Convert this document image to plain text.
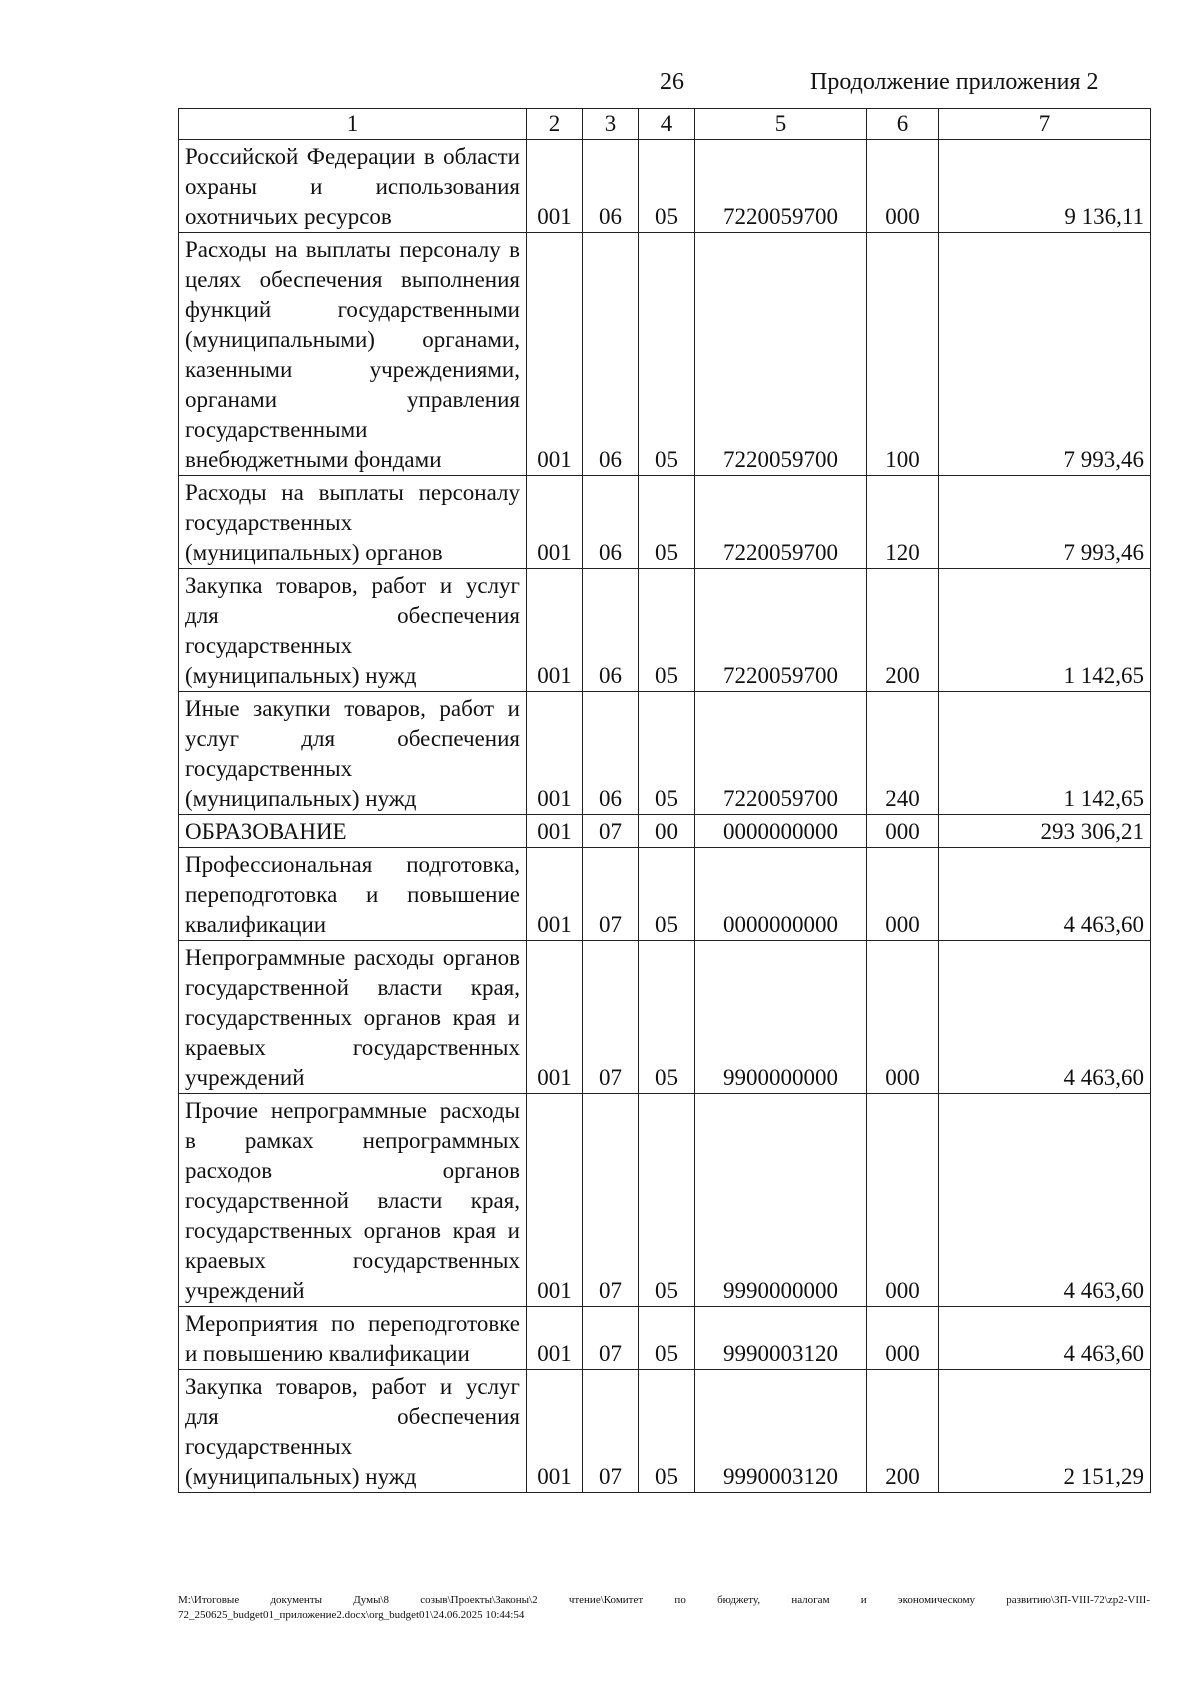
26	Продолжение приложения 2
1	2	3	4	5	6	7
Российской Федерации в области охраны и использования охотничьих ресурсов	001	06	05	7220059700	000	9 136,11
Расходы на выплаты персоналу в целях обеспечения выполнения функций государственными (муниципальными) органами, казенными учреждениями, органами управления государственными внебюджетными фондами	001	06	05	7220059700	100	7 993,46
Расходы на выплаты персоналу государственных (муниципальных) органов	001	06	05	7220059700	120	7 993,46
Закупка товаров, работ и услуг для обеспечения государственных (муниципальных) нужд	001	06	05	7220059700	200	1 142,65
Иные закупки товаров, работ и услуг для обеспечения государственных (муниципальных) нужд	001	06	05	7220059700	240	1 142,65
ОБРАЗОВАНИЕ	001	07	00	0000000000	000	293 306,21
Профессиональная подготовка, переподготовка и повышение квалификации	001	07	05	0000000000	000	4 463,60
Непрограммные расходы органов государственной власти края, государственных органов края и краевых государственных учреждений	001	07	05	9900000000	000	4 463,60
Прочие непрограммные расходы в рамках непрограммных расходов органов государственной власти края, государственных органов края и краевых государственных учреждений	001	07	05	9990000000	000	4 463,60
Мероприятия по переподготовке и повышению квалификации	001	07	05	9990003120	000	4 463,60
Закупка товаров, работ и услуг для обеспечения государственных (муниципальных) нужд	001	07	05	9990003120	200	2 151,29
M:\Итоговые документы Думы\8 созыв\Проекты\Законы\2 чтение\Комитет по бюджету, налогам и экономическому развитию\ЗП-VIII-72\zp2-VIII-72_250625_budget01_приложение2.docx\org_budget01\24.06.2025 10:44:54
